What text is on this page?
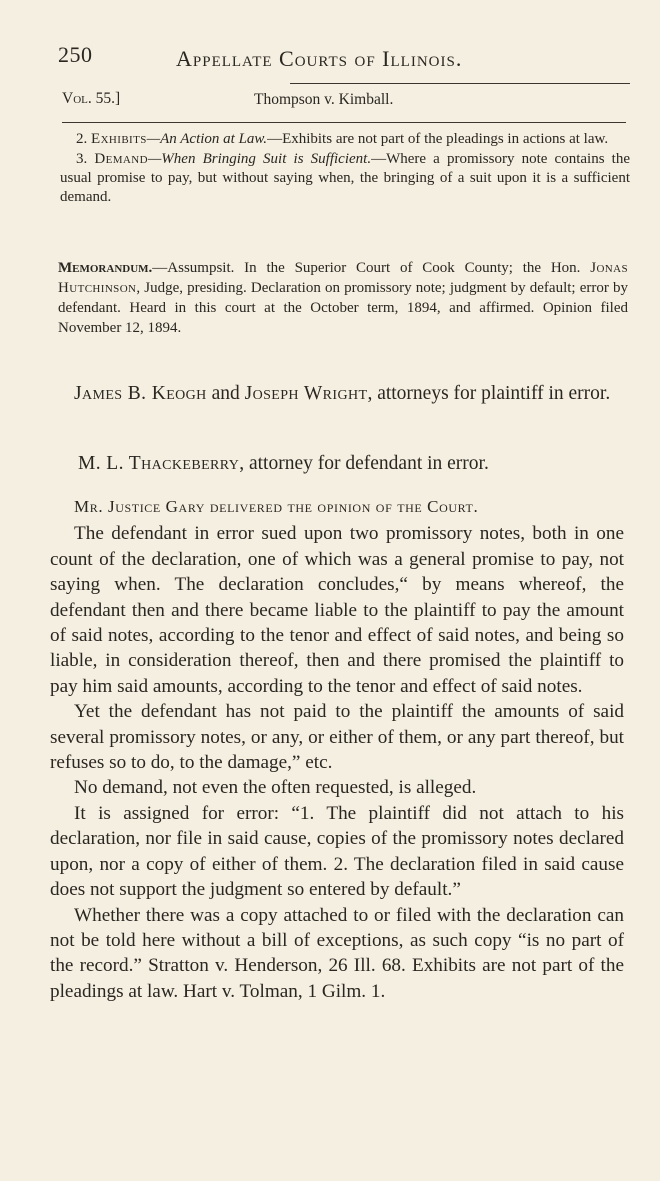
250	Appellate Courts of Illinois.
Vol. 55.]	Thompson v. Kimball.

2. Exhibits—An Action at Law.—Exhibits are not part of the pleadings in actions at law.

3. Demand—When Bringing Suit is Sufficient.—Where a promissory note contains the usual promise to pay, but without saying when, the bringing of a suit upon it is a sufficient demand.

Memorandum.—Assumpsit. In the Superior Court of Cook County; the Hon. Jonas Hutchinson, Judge, presiding. Declaration on promissory note; judgment by default; error by defendant. Heard in this court at the October term, 1894, and affirmed. Opinion filed November 12, 1894.

James B. Keogh and Joseph Wright, attorneys for plaintiff in error.

M. L. Thackeberry, attorney for defendant in error.

Mr. Justice Gary delivered the opinion of the Court.

The defendant in error sued upon two promissory notes, both in one count of the declaration, one of which was a general promise to pay, not saying when. The declaration concludes,“ by means whereof, the defendant then and there became liable to the plaintiff to pay the amount of said notes, according to the tenor and effect of said notes, and being so liable, in consideration thereof, then and there promised the plaintiff to pay him said amounts, according to the tenor and effect of said notes.

Yet the defendant has not paid to the plaintiff the amounts of said several promissory notes, or any, or either of them, or any part thereof, but refuses so to do, to the damage,” etc.

No demand, not even the often requested, is alleged.

It is assigned for error: “1. The plaintiff did not attach to his declaration, nor file in said cause, copies of the promissory notes declared upon, nor a copy of either of them. 2. The declaration filed in said cause does not support the judgment so entered by default.”

Whether there was a copy attached to or filed with the declaration can not be told here without a bill of exceptions, as such copy “is no part of the record.” Stratton v. Henderson, 26 Ill. 68. Exhibits are not part of the pleadings at law. Hart v. Tolman, 1 Gilm. 1.
